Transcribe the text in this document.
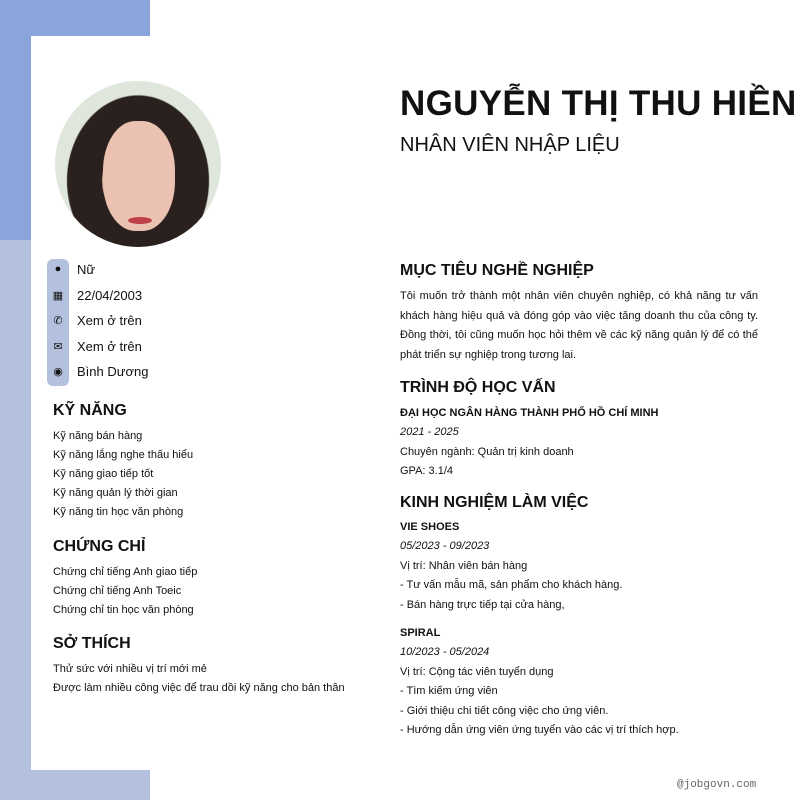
NGUYỄN THỊ THU HIỀN
NHÂN VIÊN NHẬP LIỆU
●	Nữ
▦ 22/04/2003
✆	Xem ở trên
✉	Xem ở trên
◉	Bình Dương
KỸ NĂNG
Kỹ năng bán hàng
Kỹ năng lắng nghe thấu hiểu
Kỹ năng giao tiếp tốt
Kỹ năng quản lý thời gian
Kỹ năng tin học văn phòng
CHỨNG CHỈ
Chứng chỉ tiếng Anh giao tiếp
Chứng chỉ tiếng Anh Toeic
Chứng chỉ tin học văn phòng
SỞ THÍCH
Thử sức với nhiều vị trí mới mẻ
Được làm nhiều công việc để trau dồi kỹ năng cho bản thân
MỤC TIÊU NGHỀ NGHIỆP
Tôi muốn trở thành một nhân viên chuyên nghiệp, có khả năng tư vấn khách hàng hiệu quả và đóng góp vào việc tăng doanh thu của công ty. Đồng thời, tôi cũng muốn học hỏi thêm về các kỹ năng quản lý để có thể phát triển sự nghiệp trong tương lai.
TRÌNH ĐỘ HỌC VẤN
ĐẠI HỌC NGÂN HÀNG THÀNH PHỐ HỒ CHÍ MINH
2021 - 2025
Chuyên ngành: Quản trị kinh doanh
GPA: 3.1/4
KINH NGHIỆM LÀM VIỆC
VIE SHOES
05/2023 - 09/2023
Vị trí: Nhân viên bán hàng
- Tư vấn mẫu mã, sản phẩm cho khách hàng.
- Bán hàng trực tiếp tại cửa hàng,
SPIRAL
10/2023 - 05/2024
Vị trí: Cộng tác viên tuyển dụng
- Tìm kiếm ứng viên
- Giới thiệu chi tiết công việc cho ứng viên.
- Hướng dẫn ứng viên ứng tuyển vào các vị trí thích hợp.
@jobgovn.com
